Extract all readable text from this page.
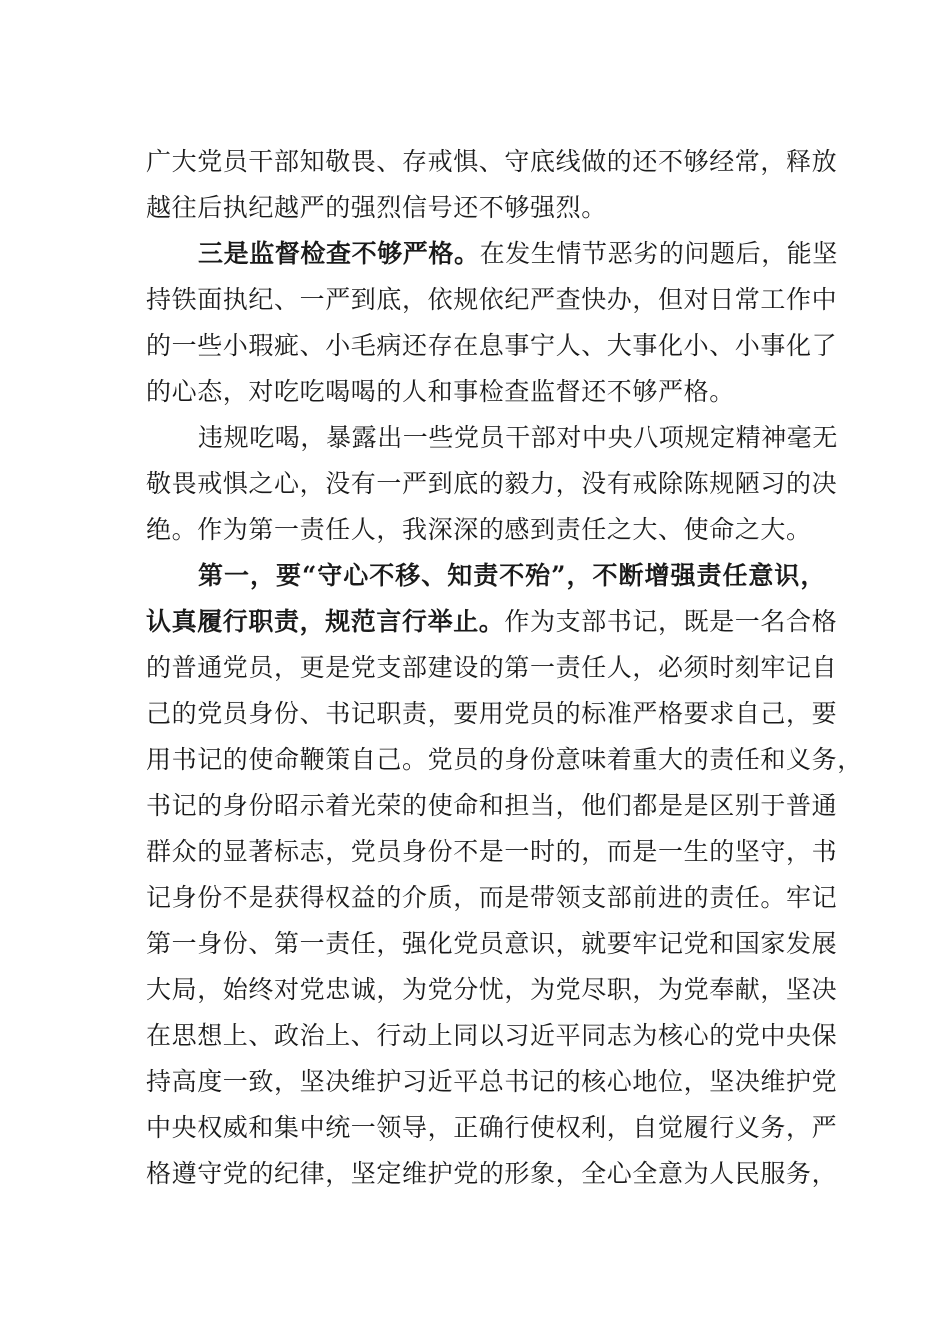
广大党员干部知敬畏、存戒惧、守底线做的还不够经常，释放
越往后执纪越严的强烈信号还不够强烈。
三是监督检查不够严格。在发生情节恶劣的问题后，能坚
持铁面执纪、一严到底，依规依纪严查快办，但对日常工作中
的一些小瑕疵、小毛病还存在息事宁人、大事化小、小事化了
的心态，对吃吃喝喝的人和事检查监督还不够严格。
违规吃喝，暴露出一些党员干部对中央八项规定精神毫无
敬畏戒惧之心，没有一严到底的毅力，没有戒除陈规陋习的决
绝。作为第一责任人，我深深的感到责任之大、使命之大。
第一，要“守心不移、知责不殆”，不断增强责任意识，
认真履行职责，规范言行举止。作为支部书记，既是一名合格
的普通党员，更是党支部建设的第一责任人，必须时刻牢记自
己的党员身份、书记职责，要用党员的标准严格要求自己，要
用书记的使命鞭策自己。党员的身份意味着重大的责任和义务，
书记的身份昭示着光荣的使命和担当，他们都是是区别于普通
群众的显著标志，党员身份不是一时的，而是一生的坚守，书
记身份不是获得权益的介质，而是带领支部前进的责任。牢记
第一身份、第一责任，强化党员意识，就要牢记党和国家发展
大局，始终对党忠诚，为党分忧，为党尽职，为党奉献，坚决
在思想上、政治上、行动上同以习近平同志为核心的党中央保
持高度一致，坚决维护习近平总书记的核心地位，坚决维护党
中央权威和集中统一领导，正确行使权利，自觉履行义务，严
格遵守党的纪律，坚定维护党的形象，全心全意为人民服务，
